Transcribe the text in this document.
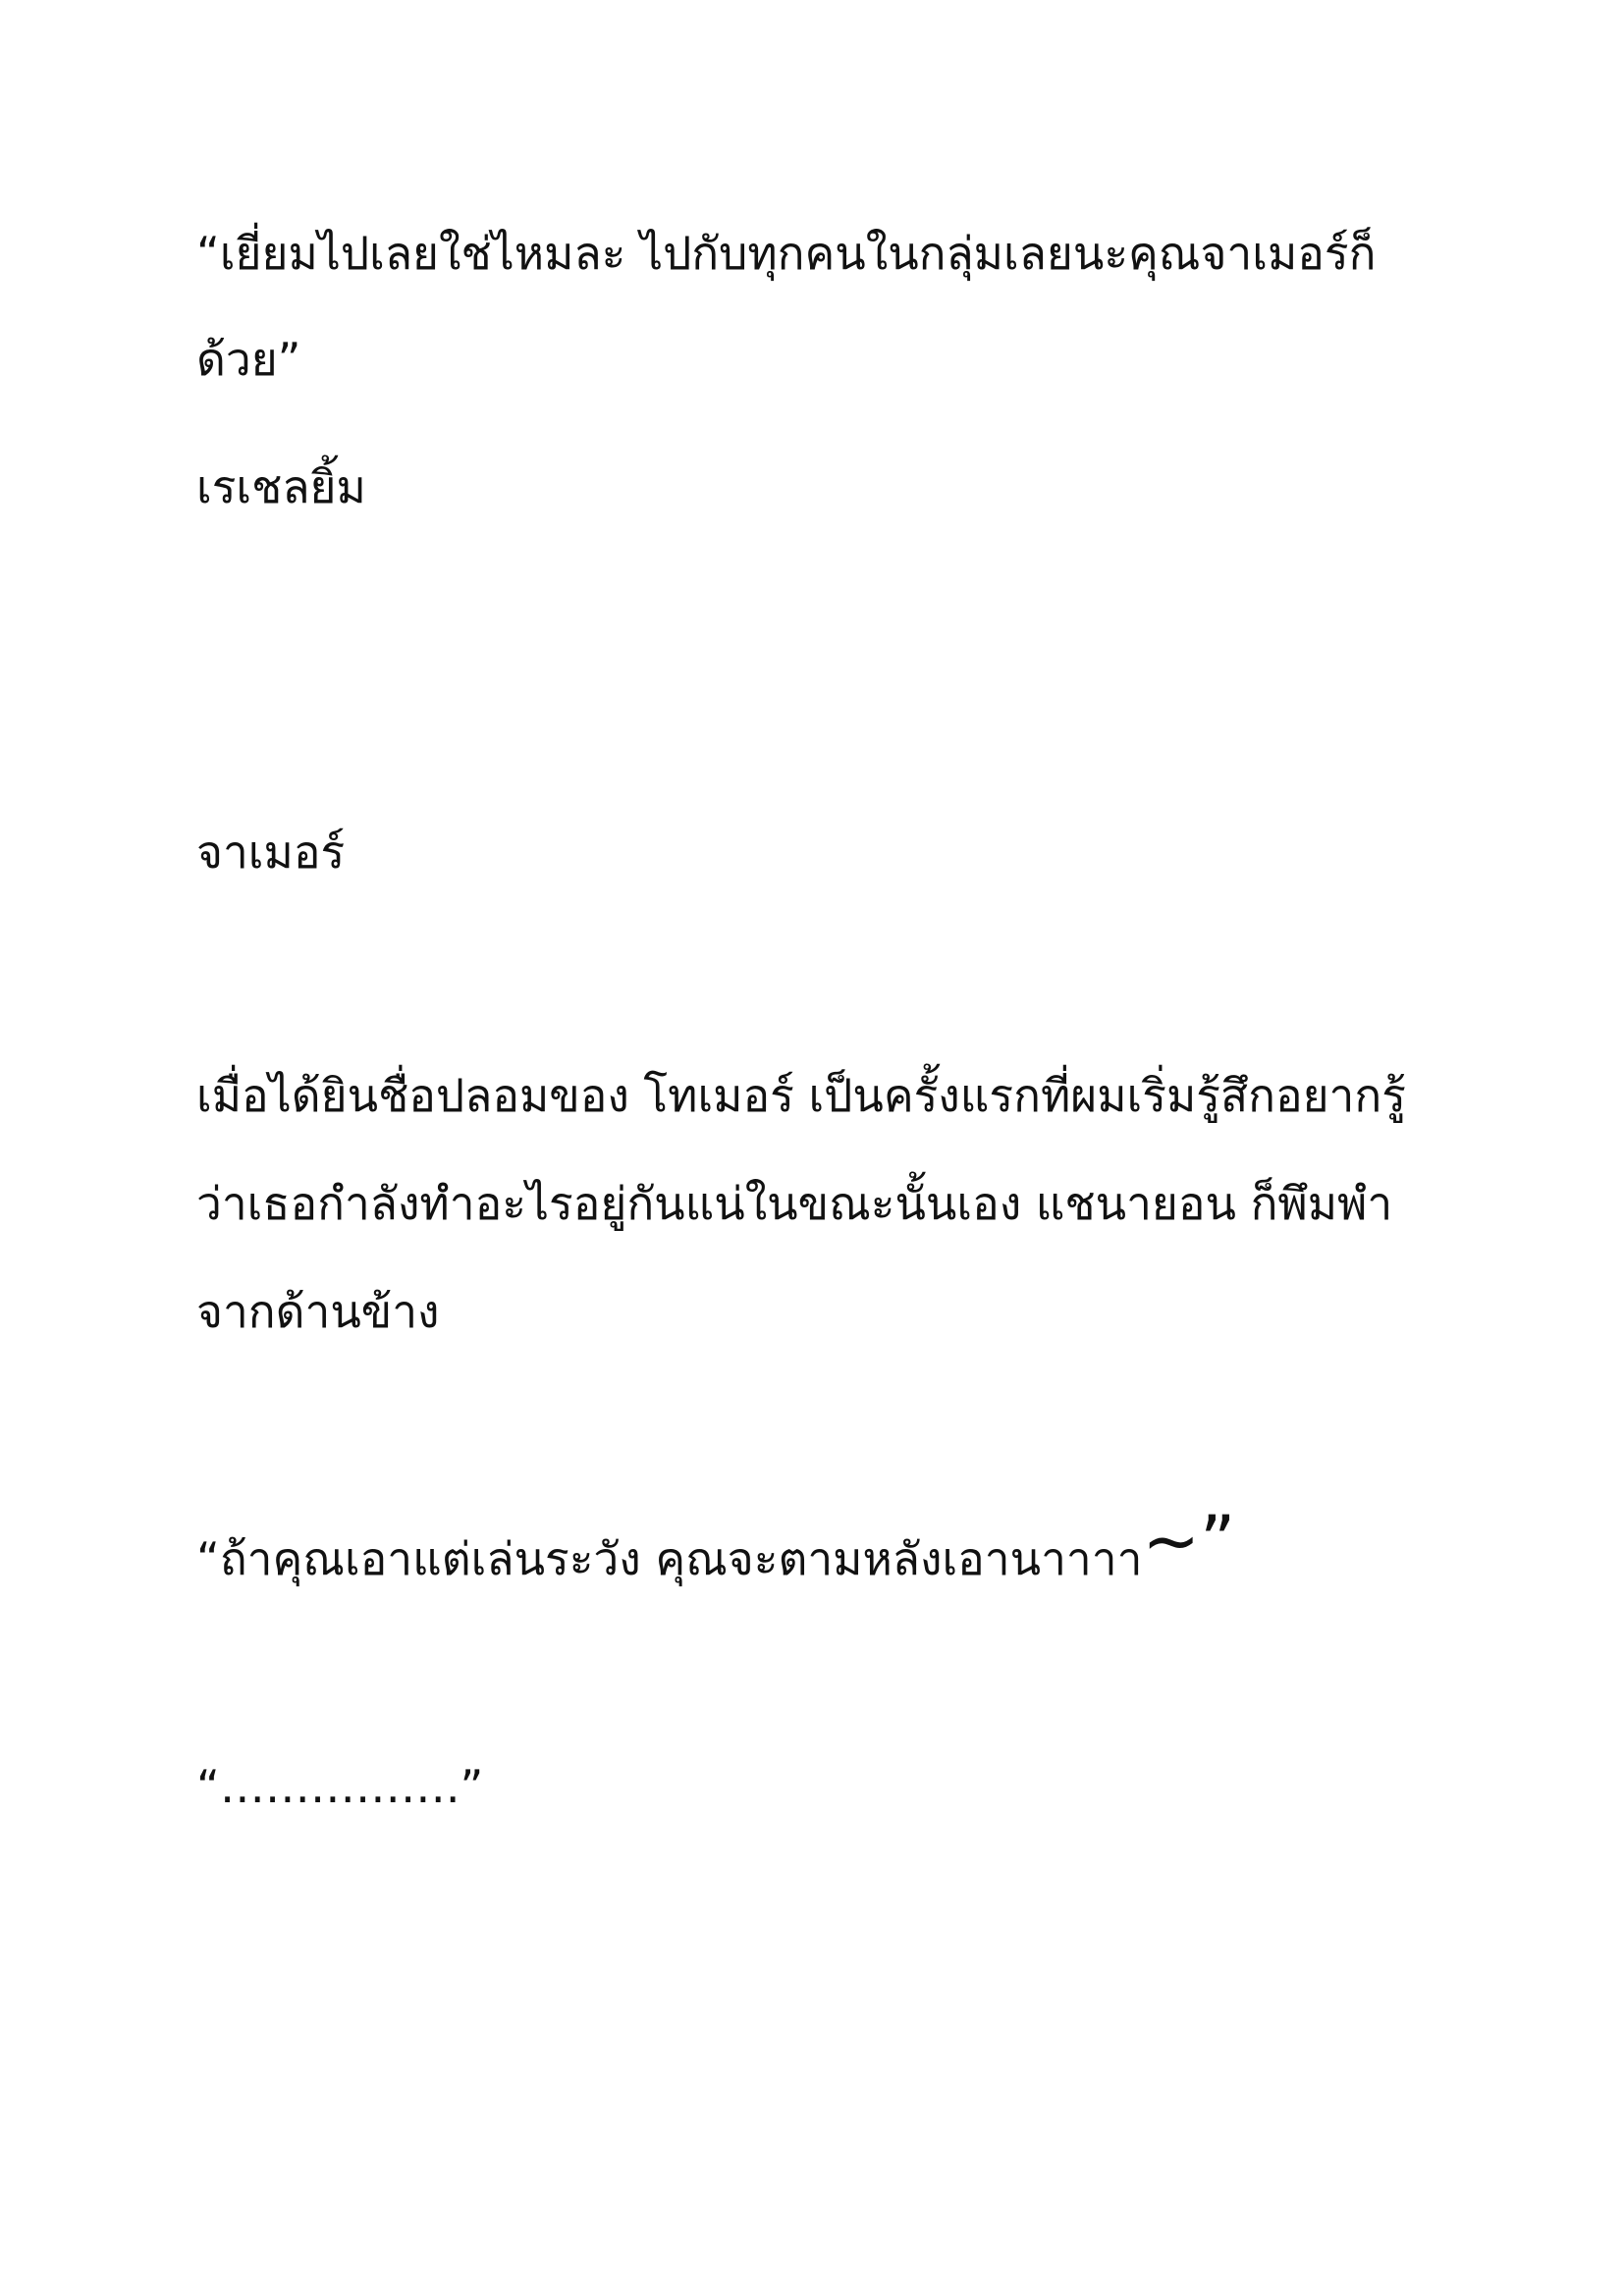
“เยี่ยมไปเลยใช่ไหมละ ไปกับทุกคนในกลุ่มเลยนะคุณจาเมอร์ก็
ด้วย”
เรเชลยิ้ม
จาเมอร์
เมื่อได้ยินชื่อปลอมของ โทเมอร์ เป็นครั้งแรกที่ผมเริ่มรู้สึกอยากรู้
ว่าเธอกำลังทำอะไรอยู่กันแน่ในขณะนั้นเอง แชนายอน ก็พึมพำ
จากด้านข้าง
“ถ้าคุณเอาแต่เล่นระวัง คุณจะตามหลังเอานาาาา~”
“…………….”
